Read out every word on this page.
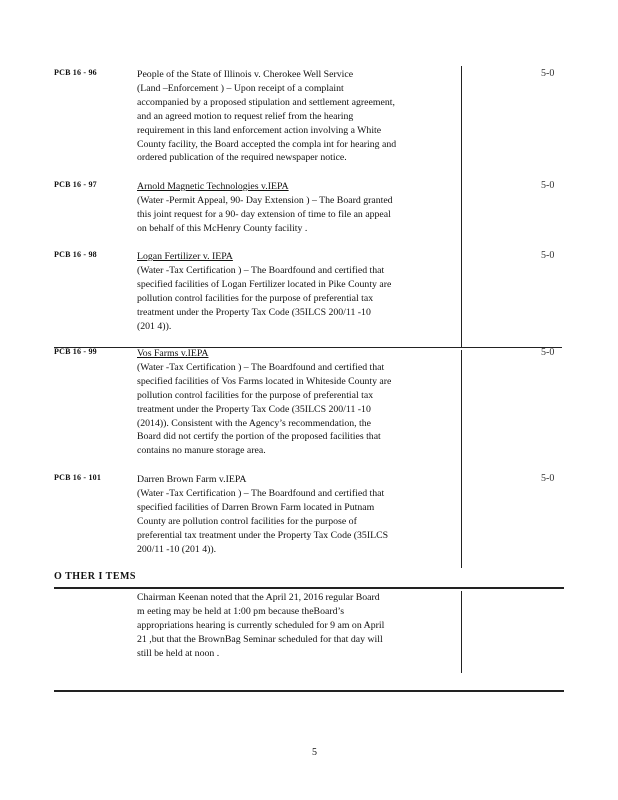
PCB 16 - 96	People of the State of Illinois v. Cherokee Well Service
(Land –Enforcement ) – Upon receipt of a complaint
accompanied by a proposed stipulation and settlement agreement,
and an agreed motion to request relief from the hearing
requirement in this land enforcement action involving a White
County facility, the Board accepted the compla int for hearing and
ordered publication of the required newspaper notice.
5-0
PCB 16 - 97	Arnold Magnetic Technologies v.IEPA
(Water -Permit Appeal, 90- Day Extension ) – The Board granted
this joint request for a 90- day extension of time to file an appeal
on behalf of this McHenry County facility .
5-0
PCB 16 - 98	Logan Fertilizer v. IEPA
(Water -Tax Certification ) – The Boardfound and certified that
specified facilities of Logan Fertilizer located in Pike County are
pollution control facilities for the purpose of preferential tax
treatment under the Property Tax Code (35ILCS 200/11 -10
(201 4)).
5-0
PCB 16 - 99	Vos Farms v.IEPA
(Water -Tax Certification ) – The Boardfound and certified that
specified facilities of Vos Farms located in Whiteside County are
pollution control facilities for the purpose of preferential tax
treatment under the Property Tax Code (35ILCS 200/11 -10
(2014)). Consistent with the Agency’s recommendation, the
Board did not certify the portion of the proposed facilities that
contains no manure storage area.
5-0
PCB 16 - 101	Darren Brown Farm v.IEPA
(Water -Tax Certification ) – The Boardfound and certified that
specified facilities of Darren Brown Farm located in Putnam
County are pollution control facilities for the purpose of
preferential tax treatment under the Property Tax Code (35ILCS
200/11 -10 (201 4)).
5-0
O THER I TEMS
Chairman Keenan noted that the April 21, 2016 regular Board
m eeting may be held at 1:00 pm because theBoard’s
appropriations hearing is currently scheduled for 9 am on April
21 ,but that the BrownBag Seminar scheduled for that day will
still be held at noon .
5
